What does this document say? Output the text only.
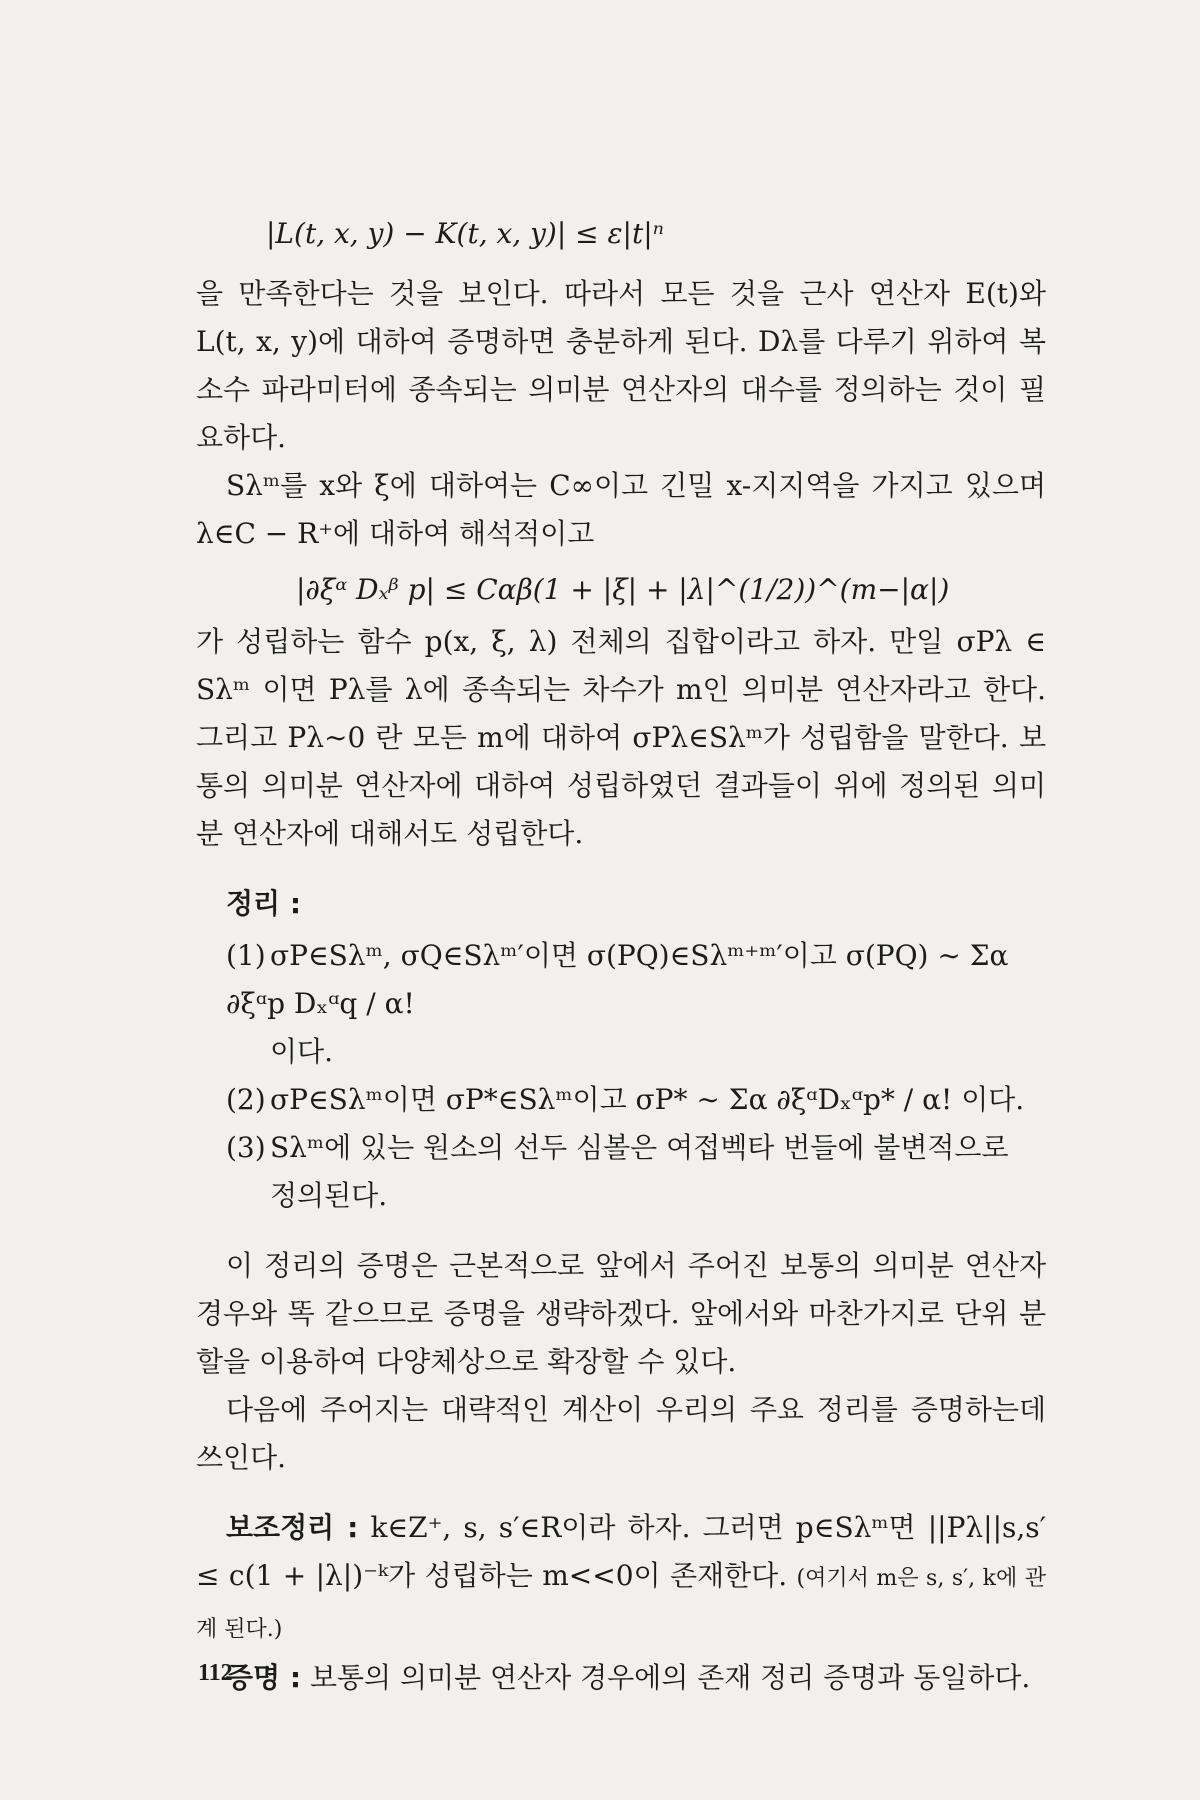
|L(t, x, y) − K(t, x, y)| ≤ ε|t|ⁿ

을 만족한다는 것을 보인다. 따라서 모든 것을 근사 연산자 E(t)와 L(t, x, y)에 대하여 증명하면 충분하게 된다. Dλ를 다루기 위하여 복소수 파라미터에 종속되는 의미분 연산자의 대수를 정의하는 것이 필요하다.

Sλᵐ를 x와 ξ에 대하여는 C∞이고 긴밀 x-지지역을 가지고 있으며 λ∈C − R⁺에 대하여 해석적이고

|∂ξᵅ Dₓᵝ p| ≤ Cαβ(1 + |ξ| + |λ|^(1/2))^(m−|α|)

가 성립하는 함수 p(x, ξ, λ) 전체의 집합이라고 하자. 만일 σPλ ∈ Sλᵐ 이면 Pλ를 λ에 종속되는 차수가 m인 의미분 연산자라고 한다. 그리고 Pλ∼0 란 모든 m에 대하여 σPλ∈Sλᵐ가 성립함을 말한다. 보통의 의미분 연산자에 대하여 성립하였던 결과들이 위에 정의된 의미분 연산자에 대해서도 성립한다.

정리 :
(1) σP∈Sλᵐ, σQ∈Sλᵐ′이면 σ(PQ)∈Sλᵐ⁺ᵐ′이고 σ(PQ) ∼ Σα ∂ξᵅp Dₓᵅq / α!
이다.
(2) σP∈Sλᵐ이면 σP*∈Sλᵐ이고 σP* ∼ Σα ∂ξᵅDₓᵅp* / α! 이다.
(3) Sλᵐ에 있는 원소의 선두 심볼은 여접벡타 번들에 불변적으로
정의된다.

이 정리의 증명은 근본적으로 앞에서 주어진 보통의 의미분 연산자 경우와 똑 같으므로 증명을 생략하겠다. 앞에서와 마찬가지로 단위 분할을 이용하여 다양체상으로 확장할 수 있다.

다음에 주어지는 대략적인 계산이 우리의 주요 정리를 증명하는데 쓰인다.

보조정리 : k∈Z⁺, s, s′∈R이라 하자. 그러면 p∈Sλᵐ면 ||Pλ||s,s′ ≤ c(1 + |λ|)⁻ᵏ가 성립하는 m<<0이 존재한다. (여기서 m은 s, s′, k에 관계 된다.)

증명 : 보통의 의미분 연산자 경우에의 존재 정리 증명과 동일하다.

112
